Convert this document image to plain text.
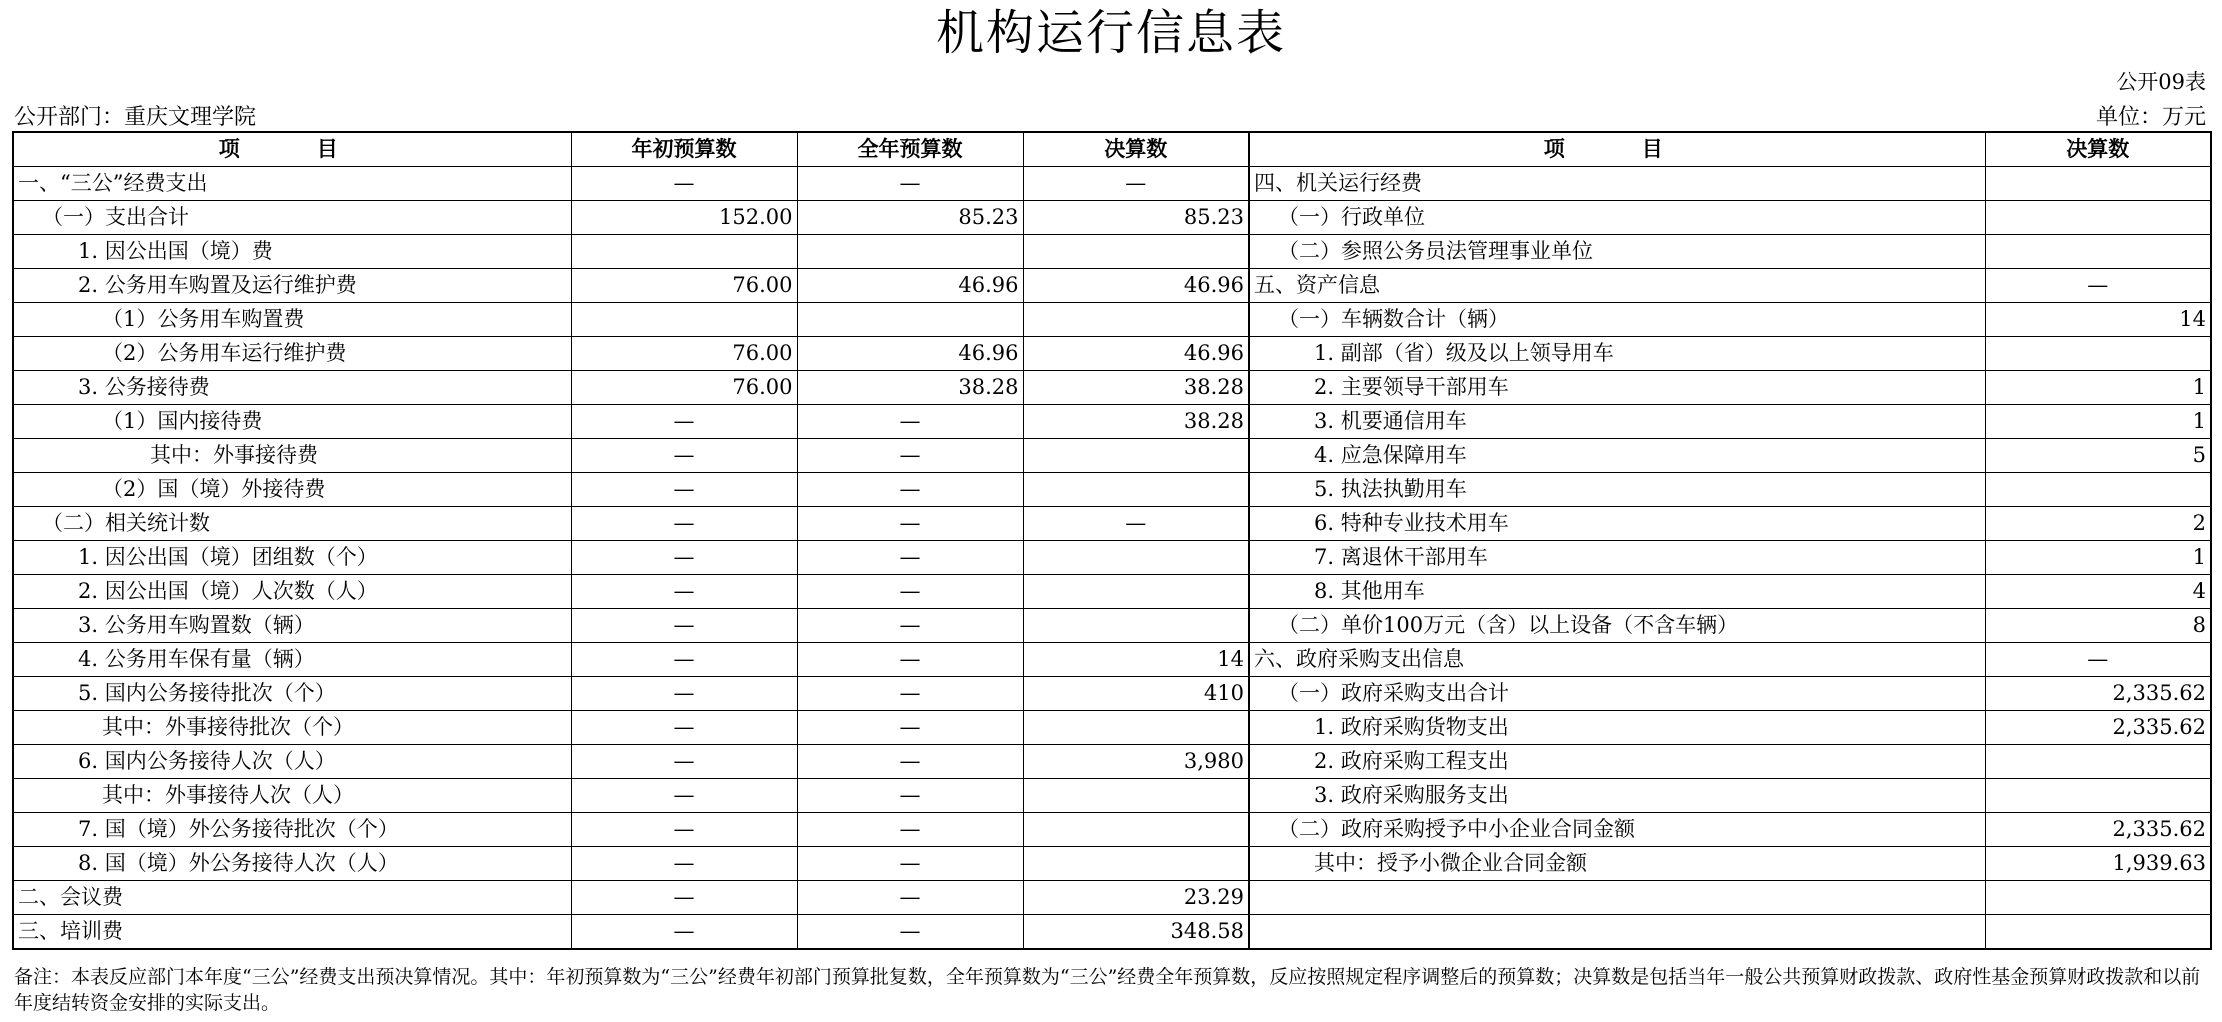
机构运行信息表
公开09表
公开部门：重庆文理学院	单位：万元
项　目	年初预算数	全年预算数	决算数	项　目	决算数
一、“三公”经费支出	—	—	—	四、机关运行经费	
（一）支出合计	152.00	85.23	85.23	（一）行政单位	
1. 因公出国（境）费				（二）参照公务员法管理事业单位	
2. 公务用车购置及运行维护费	76.00	46.96	46.96	五、资产信息	—
（1）公务用车购置费				（一）车辆数合计（辆）	14
（2）公务用车运行维护费	76.00	46.96	46.96	1. 副部（省）级及以上领导用车	
3. 公务接待费	76.00	38.28	38.28	2. 主要领导干部用车	1
（1）国内接待费	—	—	38.28	3. 机要通信用车	1
其中：外事接待费	—	—		4. 应急保障用车	5
（2）国（境）外接待费	—	—		5. 执法执勤用车	
（二）相关统计数	—	—	—	6. 特种专业技术用车	2
1. 因公出国（境）团组数（个）	—	—		7. 离退休干部用车	1
2. 因公出国（境）人次数（人）	—	—		8. 其他用车	4
3. 公务用车购置数（辆）	—	—		（二）单价100万元（含）以上设备（不含车辆）	8
4. 公务用车保有量（辆）	—	—	14	六、政府采购支出信息	—
5. 国内公务接待批次（个）	—	—	410	（一）政府采购支出合计	2,335.62
其中：外事接待批次（个）	—	—		1. 政府采购货物支出	2,335.62
6. 国内公务接待人次（人）	—	—	3,980	2. 政府采购工程支出	
其中：外事接待人次（人）	—	—		3. 政府采购服务支出	
7. 国（境）外公务接待批次（个）	—	—		（二）政府采购授予中小企业合同金额	2,335.62
8. 国（境）外公务接待人次（人）	—	—		其中：授予小微企业合同金额	1,939.63
二、会议费	—	—	23.29		
三、培训费	—	—	348.58		
备注：本表反应部门本年度“三公”经费支出预决算情况。其中：年初预算数为“三公”经费年初部门预算批复数，全年预算数为“三公”经费全年预算数，反应按照规定程序调整后的预算数；决算数是包括当年一般公共预算财政拨款、政府性基金预算财政拨款和以前年度结转资金安排的实际支出。
